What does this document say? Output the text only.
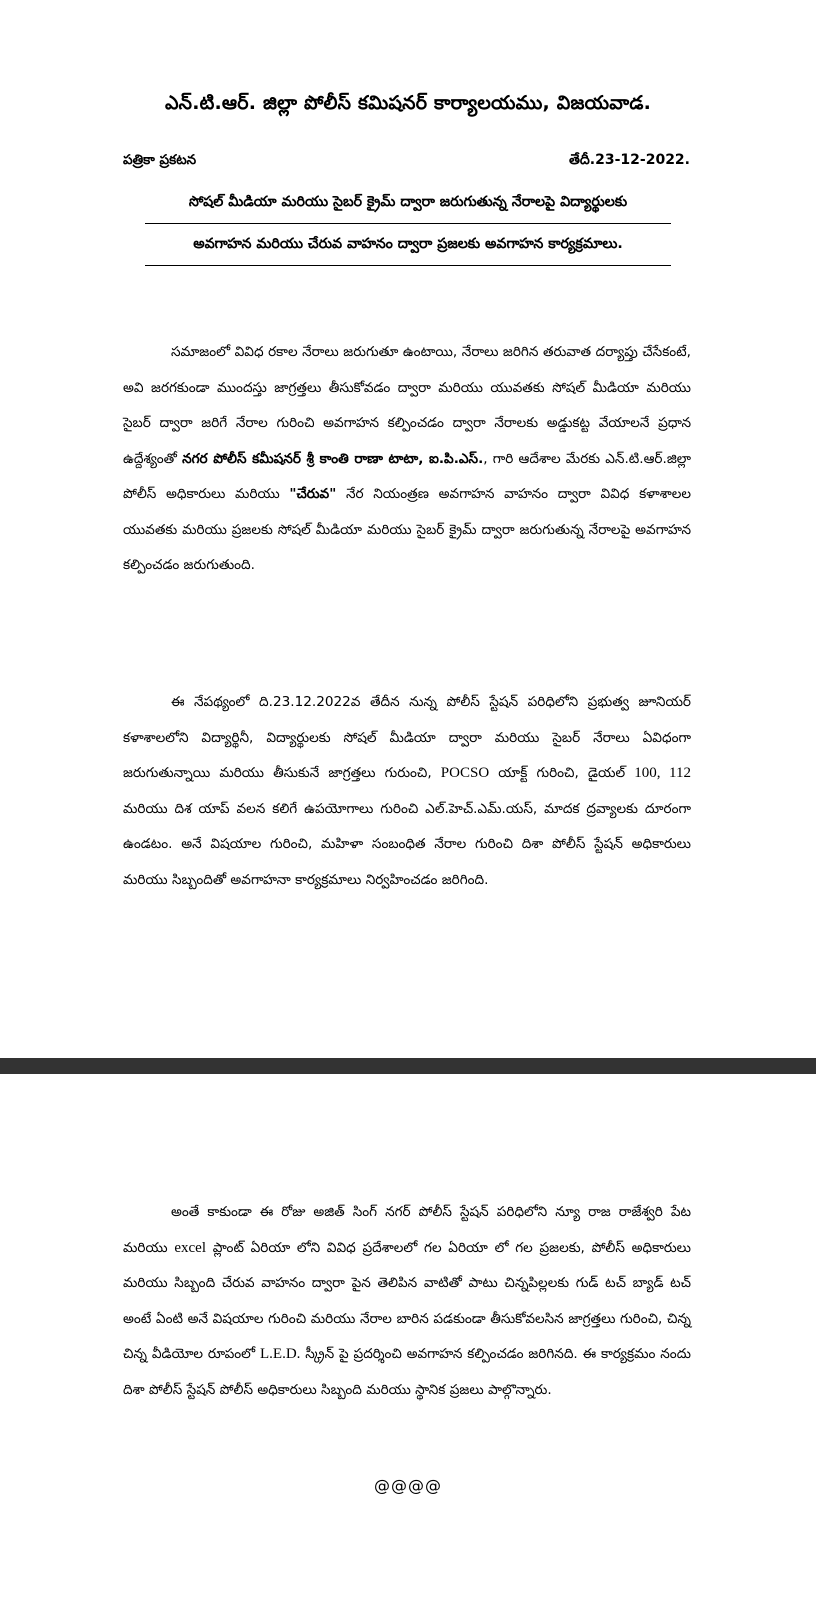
ఎన్.టి.ఆర్. జిల్లా పోలీస్ కమిషనర్ కార్యాలయము, విజయవాడ.
పత్రికా ప్రకటన	తేదీ.23-12-2022.
సోషల్ మీడియా మరియు సైబర్ క్రైమ్ ద్వారా జరుగుతున్న నేరాలపై విద్యార్థులకు
అవగాహన మరియు చేరువ వాహనం ద్వారా ప్రజలకు అవగాహన కార్యక్రమాలు.

సమాజంలో వివిధ రకాల నేరాలు జరుగుతూ ఉంటాయి, నేరాలు జరిగిన తరువాత దర్యాప్తు చేసేకంటే, అవి జరగకుండా ముందస్తు జాగ్రత్తలు తీసుకోవడం ద్వారా మరియు యువతకు సోషల్ మీడియా మరియు సైబర్ ద్వారా జరిగే నేరాల గురించి అవగాహన కల్పించడం ద్వారా నేరాలకు అడ్డుకట్ట వేయాలనే ప్రధాన ఉద్దేశ్యంతో నగర పోలీస్ కమీషనర్ శ్రీ కాంతి రాణా టాటా, ఐ.పి.ఎస్., గారి ఆదేశాల మేరకు ఎన్.టి.ఆర్.జిల్లా పోలీస్ అధికారులు మరియు "చేరువ" నేర నియంత్రణ అవగాహన వాహనం ద్వారా వివిధ కళాశాలల యువతకు మరియు ప్రజలకు సోషల్ మీడియా మరియు సైబర్ క్రైమ్ ద్వారా జరుగుతున్న నేరాలపై అవగాహన కల్పించడం జరుగుతుంది.

ఈ నేపథ్యంలో ది.23.12.2022వ తేదీన నున్న పోలీస్ స్టేషన్ పరిధిలోని ప్రభుత్వ జూనియర్ కళాశాలలోని విద్యార్థినీ, విద్యార్థులకు సోషల్ మీడియా ద్వారా మరియు సైబర్ నేరాలు ఏవిధంగా జరుగుతున్నాయి మరియు తీసుకునే జాగ్రత్తలు గురుంచి, POCSO యాక్ట్ గురించి, డైయల్ 100, 112 మరియు దిశ యాప్ వలన కలిగే ఉపయోగాలు గురించి ఎల్.హెచ్.ఎమ్.యస్, మాదక ద్రవ్యాలకు దూరంగా ఉండటం. అనే విషయాల గురించి, మహిళా సంబంధిత నేరాల గురించి దిశా పోలీస్ స్టేషన్ అధికారులు మరియు సిబ్బందితో అవగాహనా కార్యక్రమాలు నిర్వహించడం జరిగింది.

అంతే కాకుండా ఈ రోజు అజిత్ సింగ్ నగర్ పోలీస్ స్టేషన్ పరిధిలోని న్యూ రాజ రాజేశ్వరి పేట మరియు excel ప్లాంట్ ఏరియా లోని వివిధ ప్రదేశాలలో గల ఏరియా లో గల ప్రజలకు, పోలీస్ అధికారులు మరియు సిబ్బంది చేరువ వాహనం ద్వారా పైన తెలిపిన వాటితో పాటు చిన్నపిల్లలకు గుడ్ టచ్ బ్యాడ్ టచ్ అంటే ఏంటి అనే విషయాల గురించి మరియు నేరాల బారిన పడకుండా తీసుకోవలసిన జాగ్రత్తలు గురించి, చిన్న చిన్న వీడియోల రూపంలో L.E.D. స్క్రీన్ పై ప్రదర్శించి అవగాహన కల్పించడం జరిగినది. ఈ కార్యక్రమం నందు దిశా పోలీస్ స్టేషన్ పోలీస్ అధికారులు సిబ్బంది మరియు స్థానిక ప్రజలు పాల్గొన్నారు.

@@@@
